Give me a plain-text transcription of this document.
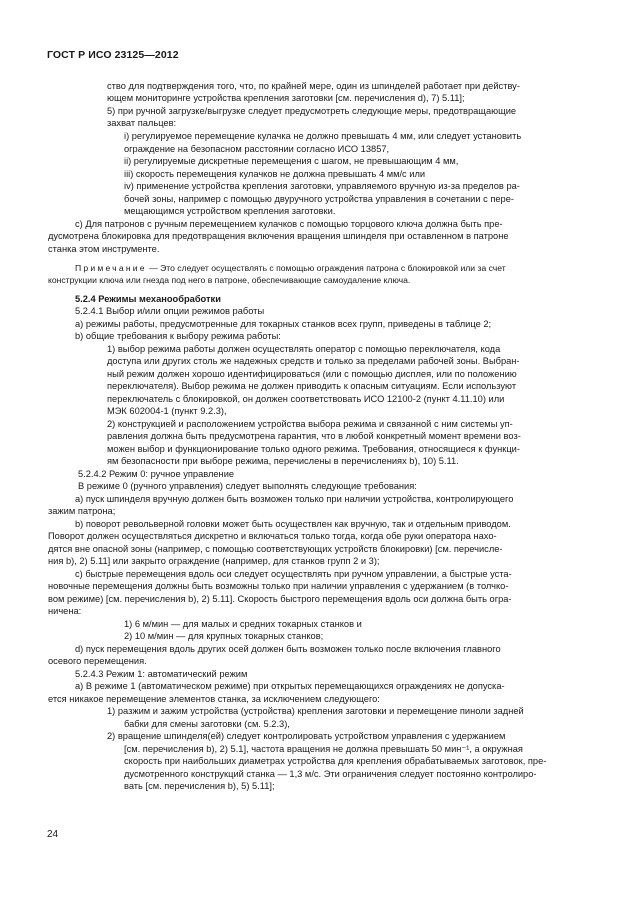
ГОСТ Р ИСО 23125—2012
ство для подтверждения того, что, по крайней мере, один из шпинделей работает при действу-
ющем мониторинге устройства крепления заготовки [см. перечисления d), 7) 5.11];
5) при ручной загрузке/выгрузке следует предусмотреть следующие меры, предотвращающие
захват пальцев:
i) регулируемое перемещение кулачка не должно превышать 4 мм, или следует установить
ограждение на безопасном расстоянии согласно ИСО 13857,
ii) регулируемые дискретные перемещения с шагом, не превышающим 4 мм,
iii) скорость перемещения кулачков не должна превышать 4 мм/с или
iv) применение устройства крепления заготовки, управляемого вручную из-за пределов ра-
бочей зоны, например с помощью двуручного устройства управления в сочетании с пере-
мещающимся устройством крепления заготовки.
c) Для патронов с ручным перемещением кулачков с помощью торцового ключа должна быть пре-
дусмотрена блокировка для предотвращения включения вращения шпинделя при оставленном в патроне
станка этом инструменте.
Примечание — Это следует осуществлять с помощью ограждения патрона с блокировкой или за счет
конструкции ключа или гнезда под него в патроне, обеспечивающие самоудаление ключа.
5.2.4 Режимы механообработки
5.2.4.1 Выбор и/или опции режимов работы
a) режимы работы, предусмотренные для токарных станков всех групп, приведены в таблице 2;
b) общие требования к выбору режима работы:
1) выбор режима работы должен осуществлять оператор с помощью переключателя, кода
доступа или других столь же надежных средств и только за пределами рабочей зоны. Выбран-
ный режим должен хорошо идентифицироваться (или с помощью дисплея, или по положению
переключателя). Выбор режима не должен приводить к опасным ситуациям. Если используют
переключатель с блокировкой, он должен соответствовать ИСО 12100-2 (пункт 4.11.10) или
МЭК 602004-1 (пункт 9.2.3),
2) конструкцией и расположением устройства выбора режима и связанной с ним системы уп-
равления должна быть предусмотрена гарантия, что в любой конкретный момент времени воз-
можен выбор и функционирование только одного режима. Требования, относящиеся к функци-
ям безопасности при выборе режима, перечислены в перечислениях b), 10) 5.11.
5.2.4.2 Режим 0: ручное управление
В режиме 0 (ручного управления) следует выполнять следующие требования:
a) пуск шпинделя вручную должен быть возможен только при наличии устройства, контролирующего
зажим патрона;
b) поворот револьверной головки может быть осуществлен как вручную, так и отдельным приводом.
Поворот должен осуществляться дискретно и включаться только тогда, когда обе руки оператора нахо-
дятся вне опасной зоны (например, с помощью соответствующих устройств блокировки) [см. перечисле-
ния b), 2) 5.11] или закрыто ограждение (например, для станков групп 2 и 3);
c) быстрые перемещения вдоль оси следует осуществлять при ручном управлении, а быстрые уста-
новочные перемещения должны быть возможны только при наличии управления с удержанием (в толчко-
вом режиме) [см. перечисления b), 2) 5.11]. Скорость быстрого перемещения вдоль оси должна быть огра-
ничена:
1) 6 м/мин — для малых и средних токарных станков и
2) 10 м/мин — для крупных токарных станков;
d) пуск перемещения вдоль других осей должен быть возможен только после включения главного
осевого перемещения.
5.2.4.3 Режим 1: автоматический режим
a) В режиме 1 (автоматическом режиме) при открытых перемещающихся ограждениях не допуска-
ется никакое перемещение элементов станка, за исключением следующего:
1) разжим и зажим устройства (устройства) крепления заготовки и перемещение пиноли задней
бабки для смены заготовки (см. 5.2.3),
2) вращение шпинделя(ей) следует контролировать устройством управления с удержанием
[см. перечисления b), 2) 5.1], частота вращения не должна превышать 50 мин⁻¹, а окружная
скорость при наибольших диаметрах устройства для крепления обрабатываемых заготовок, пре-
дусмотренного конструкций станка — 1,3 м/с. Эти ограничения следует постоянно контролиро-
вать [см. перечисления b), 5) 5.11];
24
